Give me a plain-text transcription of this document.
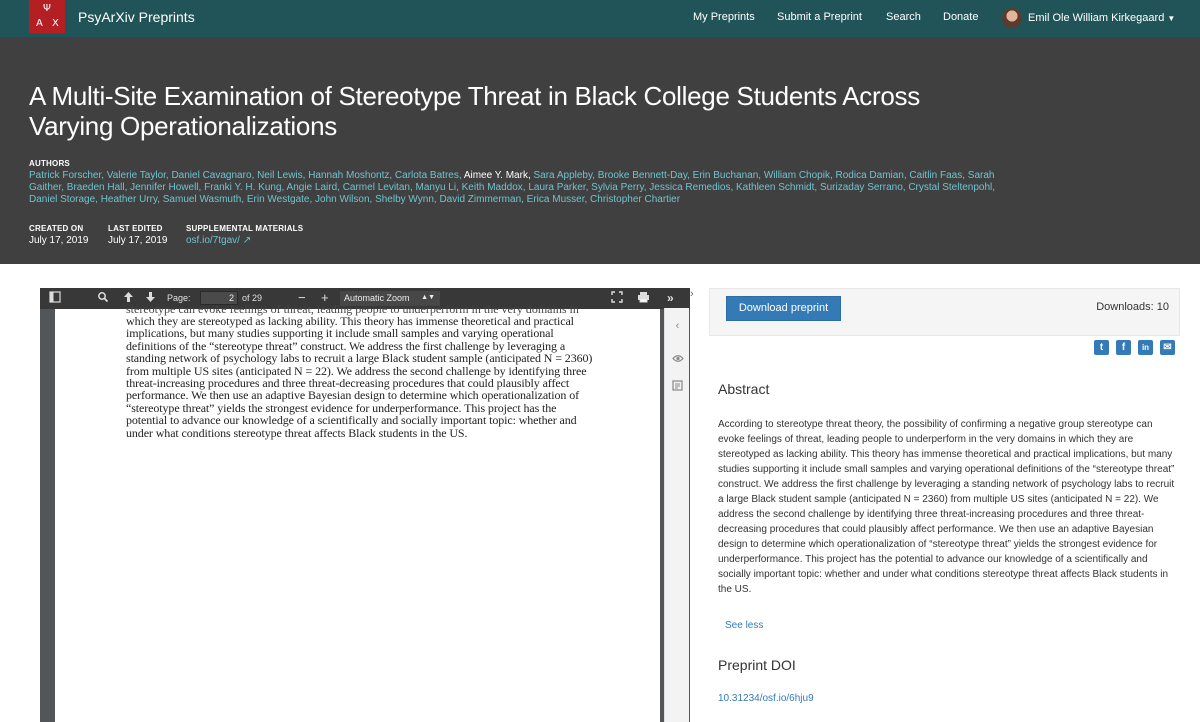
Ψ
A X PsyArXiv Preprints	My Preprints Submit a Preprint Search Donate	Emil Ole William Kirkegaard ▼
A Multi-Site Examination of Stereotype Threat in Black College Students Across Varying Operationalizations
AUTHORS
Patrick Forscher, Valerie Taylor, Daniel Cavagnaro, Neil Lewis, Hannah Moshontz, Carlota Batres, Aimee Y. Mark, Sara Appleby, Brooke Bennett-Day, Erin Buchanan, William Chopik, Rodica Damian, Caitlin Faas, Sarah Gaither, Braeden Hall, Jennifer Howell, Franki Y. H. Kung, Angie Laird, Carmel Levitan, Manyu Li, Keith Maddox, Laura Parker, Sylvia Perry, Jessica Remedios, Kathleen Schmidt, Surizaday Serrano, Crystal Steltenpohl, Daniel Storage, Heather Urry, Samuel Wasmuth, Erin Westgate, John Wilson, Shelby Wynn, David Zimmerman, Erica Musser, Christopher Chartier
CREATED ON
July 17, 2019
LAST EDITED
July 17, 2019
SUPPLEMENTAL MATERIALS
osf.io/7tgav/ ↗
Page:	2 of 29	− +	Automatic Zoom ▲▼	»
stereotype can evoke feelings of threat, leading people to underperform in the very domains in
which they are stereotyped as lacking ability. This theory has immense theoretical and practical implications, but many studies supporting it include small samples and varying operational definitions of the “stereotype threat” construct. We address the first challenge by leveraging a standing network of psychology labs to recruit a large Black student sample (anticipated N = 2360) from multiple US sites (anticipated N = 22). We address the second challenge by identifying three threat-increasing procedures and three threat-decreasing procedures that could plausibly affect performance. We then use an adaptive Bayesian design to determine which operationalization of “stereotype threat” yields the strongest evidence for underperformance. This project has the potential to advance our knowledge of a scientifically and socially important topic: whether and under what conditions stereotype threat affects Black students in the US.
›
‹
Download preprint	Downloads: 10
t	f	in	✉
Abstract
According to stereotype threat theory, the possibility of confirming a negative group stereotype can evoke feelings of threat, leading people to underperform in the very domains in which they are stereotyped as lacking ability. This theory has immense theoretical and practical implications, but many studies supporting it include small samples and varying operational definitions of the “stereotype threat” construct. We address the first challenge by leveraging a standing network of psychology labs to recruit a large Black student sample (anticipated N = 2360) from multiple US sites (anticipated N = 22). We address the second challenge by identifying three threat-increasing procedures and three threat-decreasing procedures that could plausibly affect performance. We then use an adaptive Bayesian design to determine which operationalization of “stereotype threat” yields the strongest evidence for underperformance. This project has the potential to advance our knowledge of a scientifically and socially important topic: whether and under what conditions stereotype threat affects Black students in the US.
See less
Preprint DOI
10.31234/osf.io/6hju9
